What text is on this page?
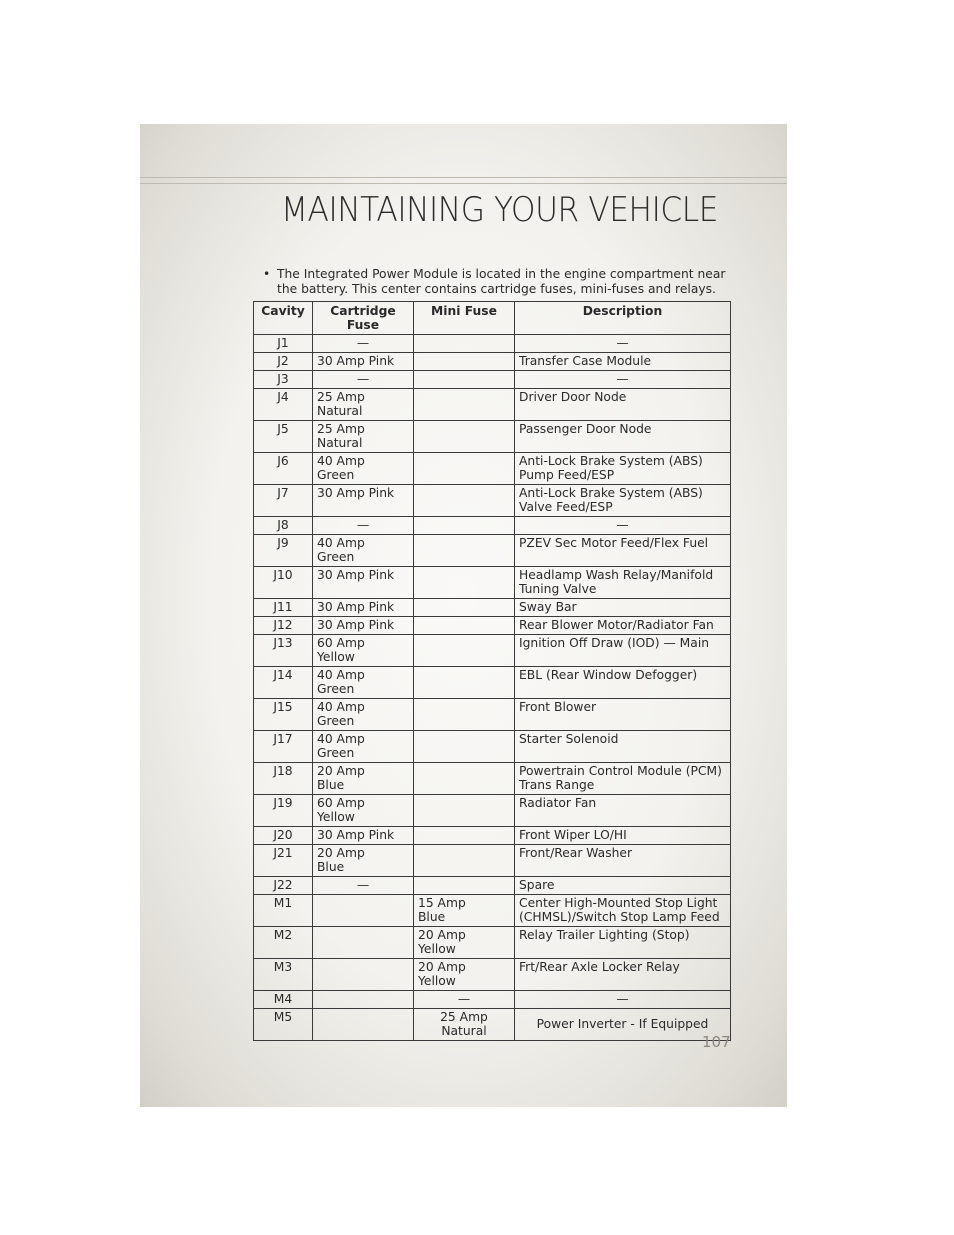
MAINTAINING YOUR VEHICLE
• The Integrated Power Module is located in the engine compartment near the battery. This center contains cartridge fuses, mini-fuses and relays.
Cavity	Cartridge Fuse	Mini Fuse	Description
J1	—		—
J2	30 Amp Pink		Transfer Case Module
J3	—		—
J4	25 Amp Natural		Driver Door Node
J5	25 Amp Natural		Passenger Door Node
J6	40 Amp Green		Anti-Lock Brake System (ABS) Pump Feed/ESP
J7	30 Amp Pink		Anti-Lock Brake System (ABS) Valve Feed/ESP
J8	—		—
J9	40 Amp Green		PZEV Sec Motor Feed/Flex Fuel
J10	30 Amp Pink		Headlamp Wash Relay/Manifold Tuning Valve
J11	30 Amp Pink		Sway Bar
J12	30 Amp Pink		Rear Blower Motor/Radiator Fan
J13	60 Amp Yellow		Ignition Off Draw (IOD) — Main
J14	40 Amp Green		EBL (Rear Window Defogger)
J15	40 Amp Green		Front Blower
J17	40 Amp Green		Starter Solenoid
J18	20 Amp Blue		Powertrain Control Module (PCM) Trans Range
J19	60 Amp Yellow		Radiator Fan
J20	30 Amp Pink		Front Wiper LO/HI
J21	20 Amp Blue		Front/Rear Washer
J22	—		Spare
M1		15 Amp Blue	Center High-Mounted Stop Light (CHMSL)/Switch Stop Lamp Feed
M2		20 Amp Yellow	Relay Trailer Lighting (Stop)
M3		20 Amp Yellow	Frt/Rear Axle Locker Relay
M4		—	—
M5		25 Amp Natural	Power Inverter - If Equipped
107
